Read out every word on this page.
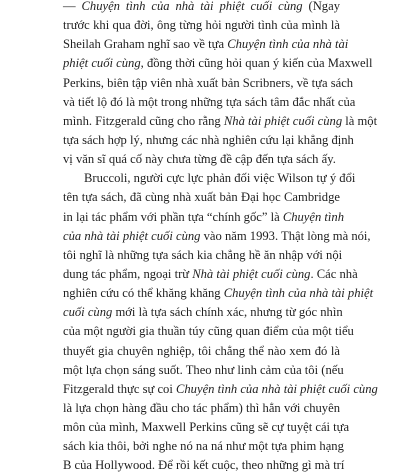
— Chuyện tình của nhà tài phiệt cuối cùng (Ngay
trước khi qua đời, ông từng hỏi người tình của mình là
Sheilah Graham nghĩ sao về tựa Chuyện tình của nhà tài
phiệt cuối cùng, đồng thời cũng hỏi quan ý kiến của Maxwell
Perkins, biên tập viên nhà xuất bản Scribners, về tựa sách
và tiết lộ đó là một trong những tựa sách tâm đắc nhất của
mình. Fitzgerald cũng cho rằng Nhà tài phiệt cuối cùng là một
tựa sách hợp lý, nhưng các nhà nghiên cứu lại khẳng định
vị văn sĩ quá cố này chưa từng đề cập đến tựa sách ấy.
Bruccoli, người cực lực phản đối việc Wilson tự ý đổi
tên tựa sách, đã cùng nhà xuất bản Đại học Cambridge
in lại tác phẩm với phần tựa “chính gốc” là Chuyện tình
của nhà tài phiệt cuối cùng vào năm 1993. Thật lòng mà nói,
tôi nghĩ là những tựa sách kia chẳng hề ăn nhập với nội
dung tác phẩm, ngoại trừ Nhà tài phiệt cuối cùng. Các nhà
nghiên cứu có thể khăng khăng Chuyện tình của nhà tài phiệt
cuối cùng mới là tựa sách chính xác, nhưng từ góc nhìn
của một người gia thuần túy cũng quan điểm của một tiểu
thuyết gia chuyên nghiệp, tôi chẳng thể nào xem đó là
một lựa chọn sáng suốt. Theo như linh cảm của tôi (nếu
Fitzgerald thực sự coi Chuyện tình của nhà tài phiệt cuối cùng
là lựa chọn hàng đầu cho tác phẩm) thì hẳn với chuyên
môn của mình, Maxwell Perkins cũng sẽ cự tuyệt cái tựa
sách kia thôi, bởi nghe nó na ná như một tựa phim hạng
B của Hollywood. Để rồi kết cuộc, theo những gì mà trí
